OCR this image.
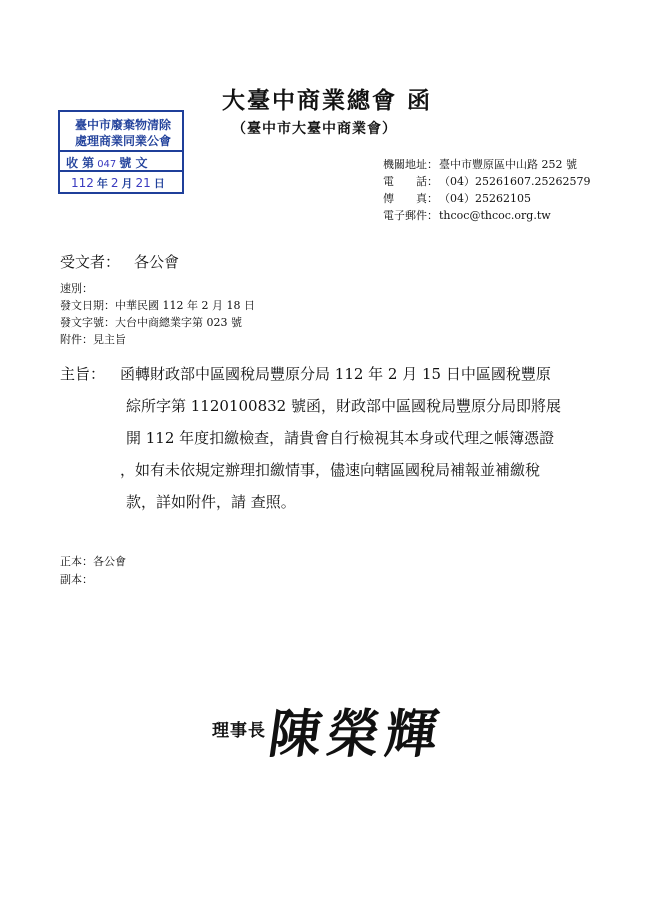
大臺中商業總會 函
（臺中市大臺中商業會）
臺中市廢棄物清除
處理商業同業公會
收 第 047 號 文
112 年 2 月 21 日
機關地址：臺中市豐原區中山路 252 號
電　　話：（04）25261607.25262579
傳　　真：（04）25262105
電子郵件：thcoc@thcoc.org.tw
受文者： 各公會
速別：
發文日期：中華民國 112 年 2 月 18 日
發文字號：大台中商總業字第 023 號
附件：見主旨
主旨： 函轉財政部中區國稅局豐原分局 112 年 2 月 15 日中區國稅豐原
綜所字第 1120100832 號函，財政部中區國稅局豐原分局即將展
開 112 年度扣繳檢查，請貴會自行檢視其本身或代理之帳簿憑證
，如有未依規定辦理扣繳情事，儘速向轄區國稅局補報並補繳稅
款，詳如附件，請 查照。
正本：各公會
副本：
理事長 陳榮輝
